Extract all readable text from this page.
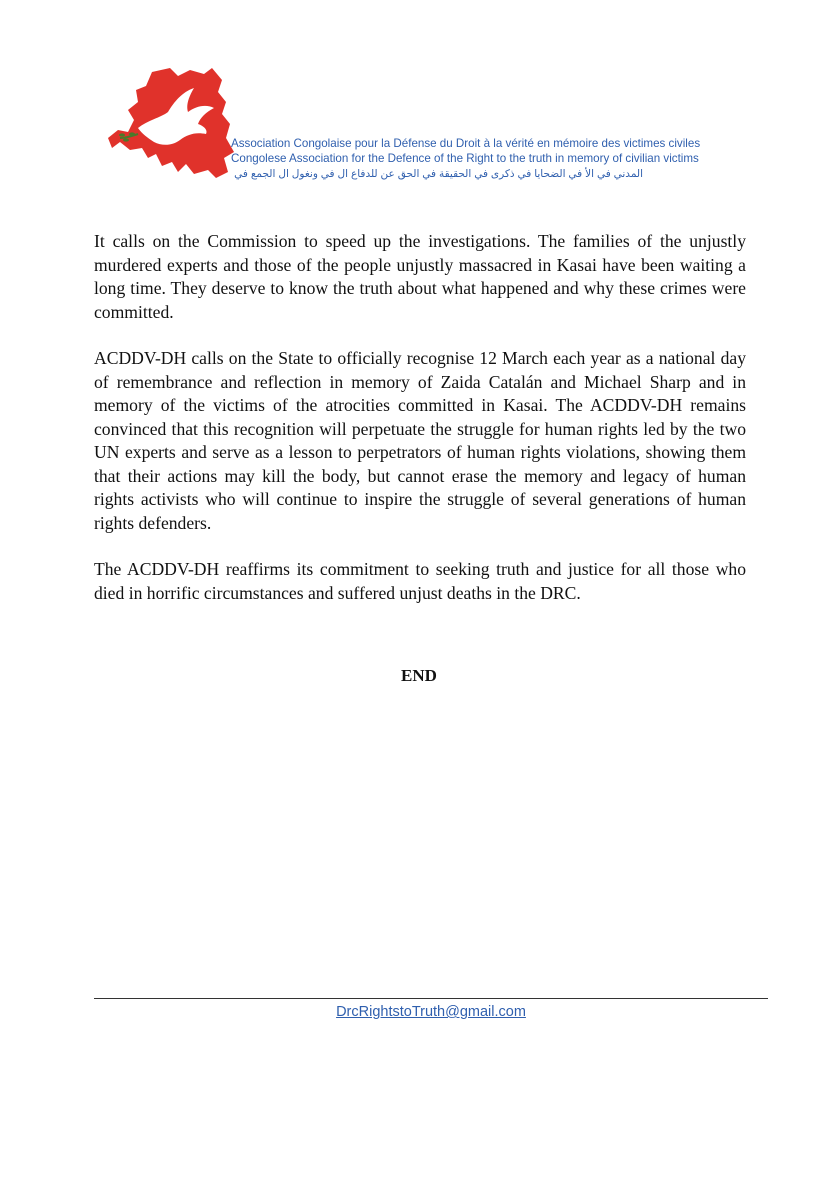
Association Congolaise pour la Défense du Droit à la vérité en mémoire des victimes civiles
Congolese Association for the Defence of the Right to the truth in memory of civilian victims
المدني في الأ في الضحايا في ذكرى في الحقيقة في الحق عن للدفاع ال في ونغول ال الجمع في

It calls on the Commission to speed up the investigations. The families of the unjustly murdered experts and those of the people unjustly massacred in Kasai have been waiting a long time. They deserve to know the truth about what happened and why these crimes were committed.

ACDDV-DH calls on the State to officially recognise 12 March each year as a national day of remembrance and reflection in memory of Zaida Catalán and Michael Sharp and in memory of the victims of the atrocities committed in Kasai. The ACDDV-DH remains convinced that this recognition will perpetuate the struggle for human rights led by the two UN experts and serve as a lesson to perpetrators of human rights violations, showing them that their actions may kill the body, but cannot erase the memory and legacy of human rights activists who will continue to inspire the struggle of several generations of human rights defenders.

The ACDDV-DH reaffirms its commitment to seeking truth and justice for all those who died in horrific circumstances and suffered unjust deaths in the DRC.

END
DrcRightstoTruth@gmail.com
